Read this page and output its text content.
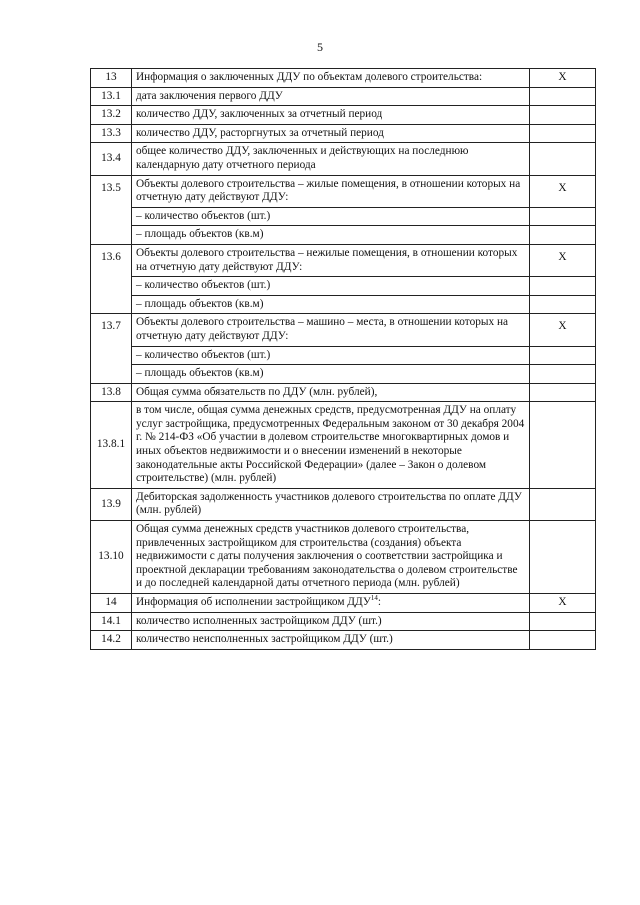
5
13	Информация о заключенных ДДУ по объектам долевого строительства:	Х
13.1	дата заключения первого ДДУ	
13.2	количество ДДУ, заключенных за отчетный период	
13.3	количество ДДУ, расторгнутых за отчетный период	
13.4	общее количество ДДУ, заключенных и действующих на последнюю календарную дату отчетного периода	
13.5	Объекты долевого строительства – жилые помещения, в отношении которых на отчетную дату действуют ДДУ:	Х
	– количество объектов (шт.)	
	– площадь объектов (кв.м)	
13.6	Объекты долевого строительства – нежилые помещения, в отношении которых на отчетную дату действуют ДДУ:	Х
	– количество объектов (шт.)	
	– площадь объектов (кв.м)	
13.7	Объекты долевого строительства – машино – места, в отношении которых на отчетную дату действуют ДДУ:	Х
	– количество объектов (шт.)	
	– площадь объектов (кв.м)	
13.8	Общая сумма обязательств по ДДУ (млн. рублей),	
13.8.1	в том числе, общая сумма денежных средств, предусмотренная ДДУ на оплату услуг застройщика, предусмотренных Федеральным законом от 30 декабря 2004 г. № 214-ФЗ «Об участии в долевом строительстве многоквартирных домов и иных объектов недвижимости и о внесении изменений в некоторые законодательные акты Российской Федерации» (далее – Закон о долевом строительстве) (млн. рублей)	
13.9	Дебиторская задолженность участников долевого строительства по оплате ДДУ (млн. рублей)	
13.10	Общая сумма денежных средств участников долевого строительства, привлеченных застройщиком для строительства (создания) объекта недвижимости с даты получения заключения о соответствии застройщика и проектной декларации требованиям законодательства о долевом строительстве и до последней календарной даты отчетного периода (млн. рублей)	
14	Информация об исполнении застройщиком ДДУ$^{14}$:	Х
14.1	количество исполненных застройщиком ДДУ (шт.)	
14.2	количество неисполненных застройщиком ДДУ (шт.)	
